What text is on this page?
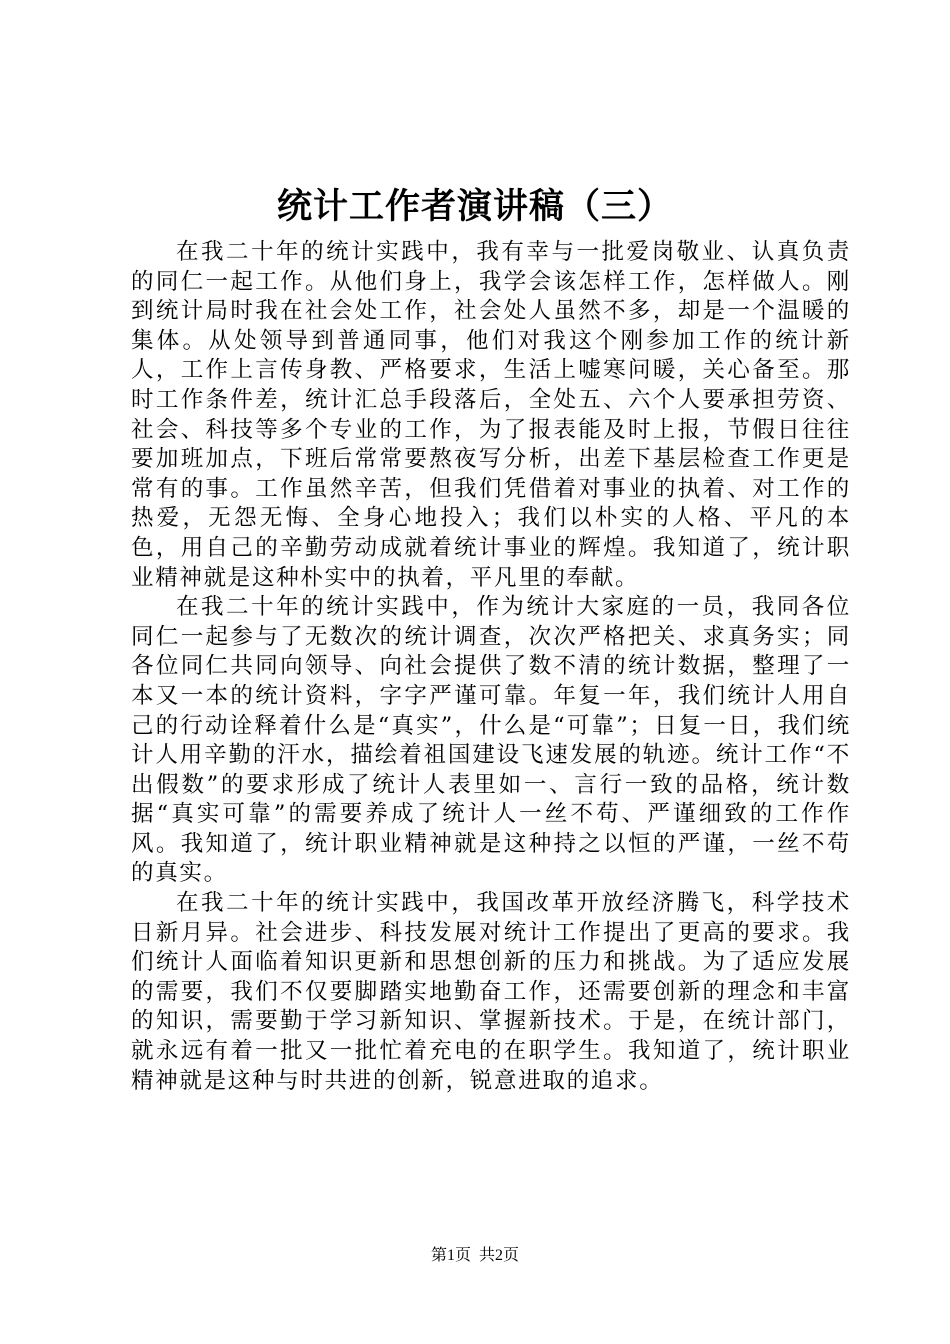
统计工作者演讲稿（三）

在我二十年的统计实践中，我有幸与一批爱岗敬业、认真负责的同仁一起工作。从他们身上，我学会该怎样工作，怎样做人。刚到统计局时我在社会处工作，社会处人虽然不多，却是一个温暖的集体。从处领导到普通同事，他们对我这个刚参加工作的统计新人，工作上言传身教、严格要求，生活上嘘寒问暖，关心备至。那时工作条件差，统计汇总手段落后，全处五、六个人要承担劳资、社会、科技等多个专业的工作，为了报表能及时上报，节假日往往要加班加点，下班后常常要熬夜写分析，出差下基层检查工作更是常有的事。工作虽然辛苦，但我们凭借着对事业的执着、对工作的热爱，无怨无悔、全身心地投入；我们以朴实的人格、平凡的本色，用自己的辛勤劳动成就着统计事业的辉煌。我知道了，统计职业精神就是这种朴实中的执着，平凡里的奉献。

在我二十年的统计实践中，作为统计大家庭的一员，我同各位同仁一起参与了无数次的统计调查，次次严格把关、求真务实；同各位同仁共同向领导、向社会提供了数不清的统计数据，整理了一本又一本的统计资料，字字严谨可靠。年复一年，我们统计人用自己的行动诠释着什么是“真实”，什么是“可靠”；日复一日，我们统计人用辛勤的汗水，描绘着祖国建设飞速发展的轨迹。统计工作“不出假数”的要求形成了统计人表里如一、言行一致的品格，统计数据“真实可靠”的需要养成了统计人一丝不苟、严谨细致的工作作风。我知道了，统计职业精神就是这种持之以恒的严谨，一丝不苟的真实。

在我二十年的统计实践中，我国改革开放经济腾飞，科学技术日新月异。社会进步、科技发展对统计工作提出了更高的要求。我们统计人面临着知识更新和思想创新的压力和挑战。为了适应发展的需要，我们不仅要脚踏实地勤奋工作，还需要创新的理念和丰富的知识，需要勤于学习新知识、掌握新技术。于是，在统计部门，就永远有着一批又一批忙着充电的在职学生。我知道了，统计职业精神就是这种与时共进的创新，锐意进取的追求。

第1页 共2页
